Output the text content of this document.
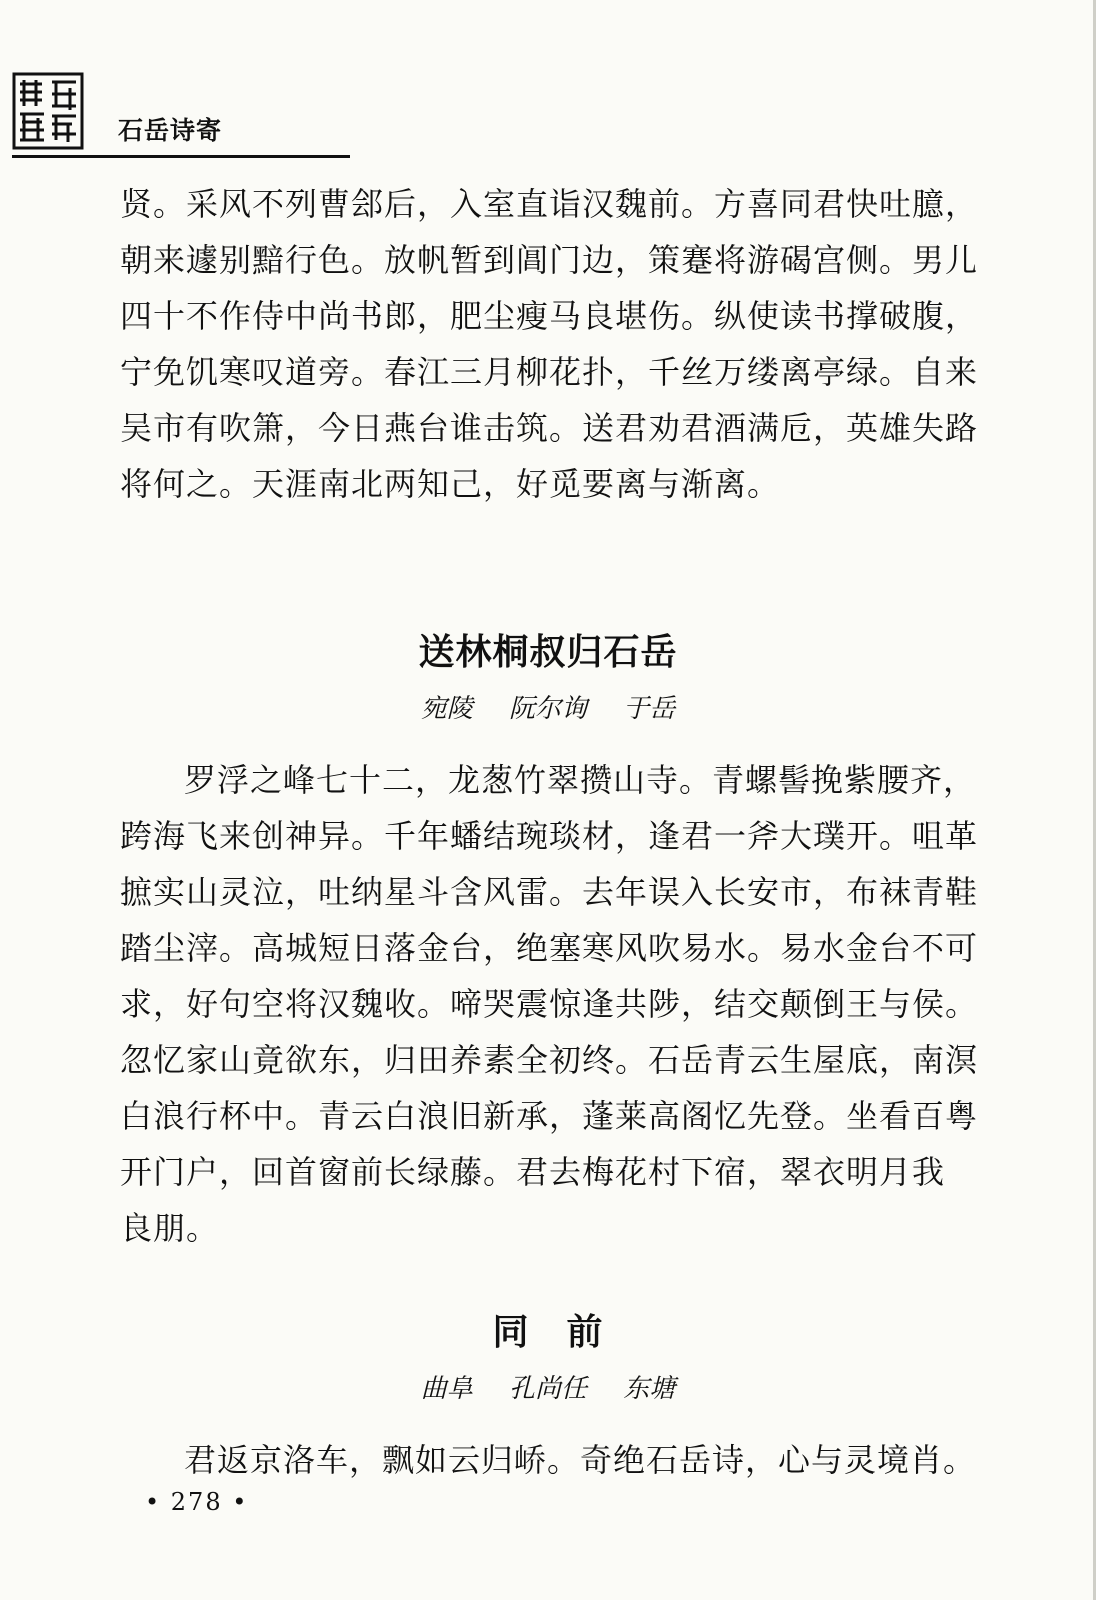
石岳诗寄
贤。采风不列曹郐后，入室直诣汉魏前。方喜同君快吐臆，
朝来遽别黯行色。放帆暂到阊门边，策蹇将游碣宫侧。男儿
四十不作侍中尚书郎，肥尘瘦马良堪伤。纵使读书撑破腹，
宁免饥寒叹道旁。春江三月柳花扑，千丝万缕离亭绿。自来
吴市有吹箫，今日燕台谁击筑。送君劝君酒满卮，英雄失路
将何之。天涯南北两知己，好觅要离与渐离。
送林桐叔归石岳
宛陵 阮尔询 于岳
罗浮之峰七十二，龙葱竹翠攒山寺。青螺髻挽紫腰齐，
跨海飞来创神异。千年蟠结琬琰材，逢君一斧大璞开。咀革
摭实山灵泣，吐纳星斗含风雷。去年误入长安市，布袜青鞋
踏尘滓。高城短日落金台，绝塞寒风吹易水。易水金台不可
求，好句空将汉魏收。啼哭震惊逢共陟，结交颠倒王与侯。
忽忆家山竟欲东，归田养素全初终。石岳青云生屋底，南溟
白浪行杯中。青云白浪旧新承，蓬莱高阁忆先登。坐看百粤
开门户，回首窗前长绿藤。君去梅花村下宿，翠衣明月我
良朋。
同　前
曲阜 孔尚任 东塘
君返京洛车，飘如云归峤。奇绝石岳诗，心与灵境肖。
• 278 •
